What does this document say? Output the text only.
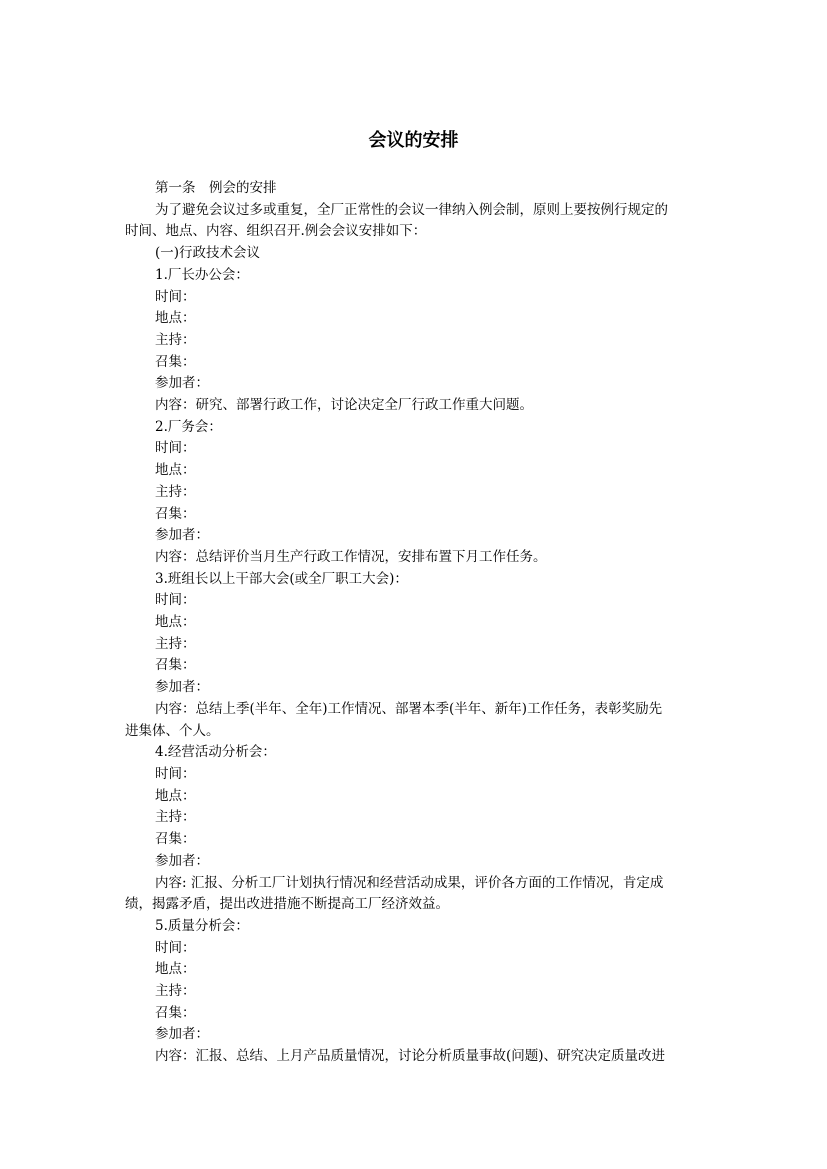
会议的安排

第一条　例会的安排

为了避免会议过多或重复，全厂正常性的会议一律纳入例会制，原则上要按例行规定的
时间、地点、内容、组织召开.例会会议安排如下：

(一)行政技术会议

1.厂长办公会：

时间：

地点：

主持：

召集：

参加者：

内容：研究、部署行政工作，讨论决定全厂行政工作重大问题。

2.厂务会：

时间：

地点：

主持：

召集：

参加者：

内容：总结评价当月生产行政工作情况，安排布置下月工作任务。

3.班组长以上干部大会(或全厂职工大会)：

时间：

地点：

主持：

召集：

参加者：

内容：总结上季(半年、全年)工作情况、部署本季(半年、新年)工作任务，表彰奖励先
进集体、个人。

4.经营活动分析会：

时间：

地点：

主持：

召集：

参加者：

内容: 汇报、分析工厂计划执行情况和经营活动成果，评价各方面的工作情况，肯定成
绩，揭露矛盾，提出改进措施不断提高工厂经济效益。

5.质量分析会：

时间：

地点：

主持：

召集：

参加者：

内容：汇报、总结、上月产品质量情况，讨论分析质量事故(问题)、研究决定质量改进
